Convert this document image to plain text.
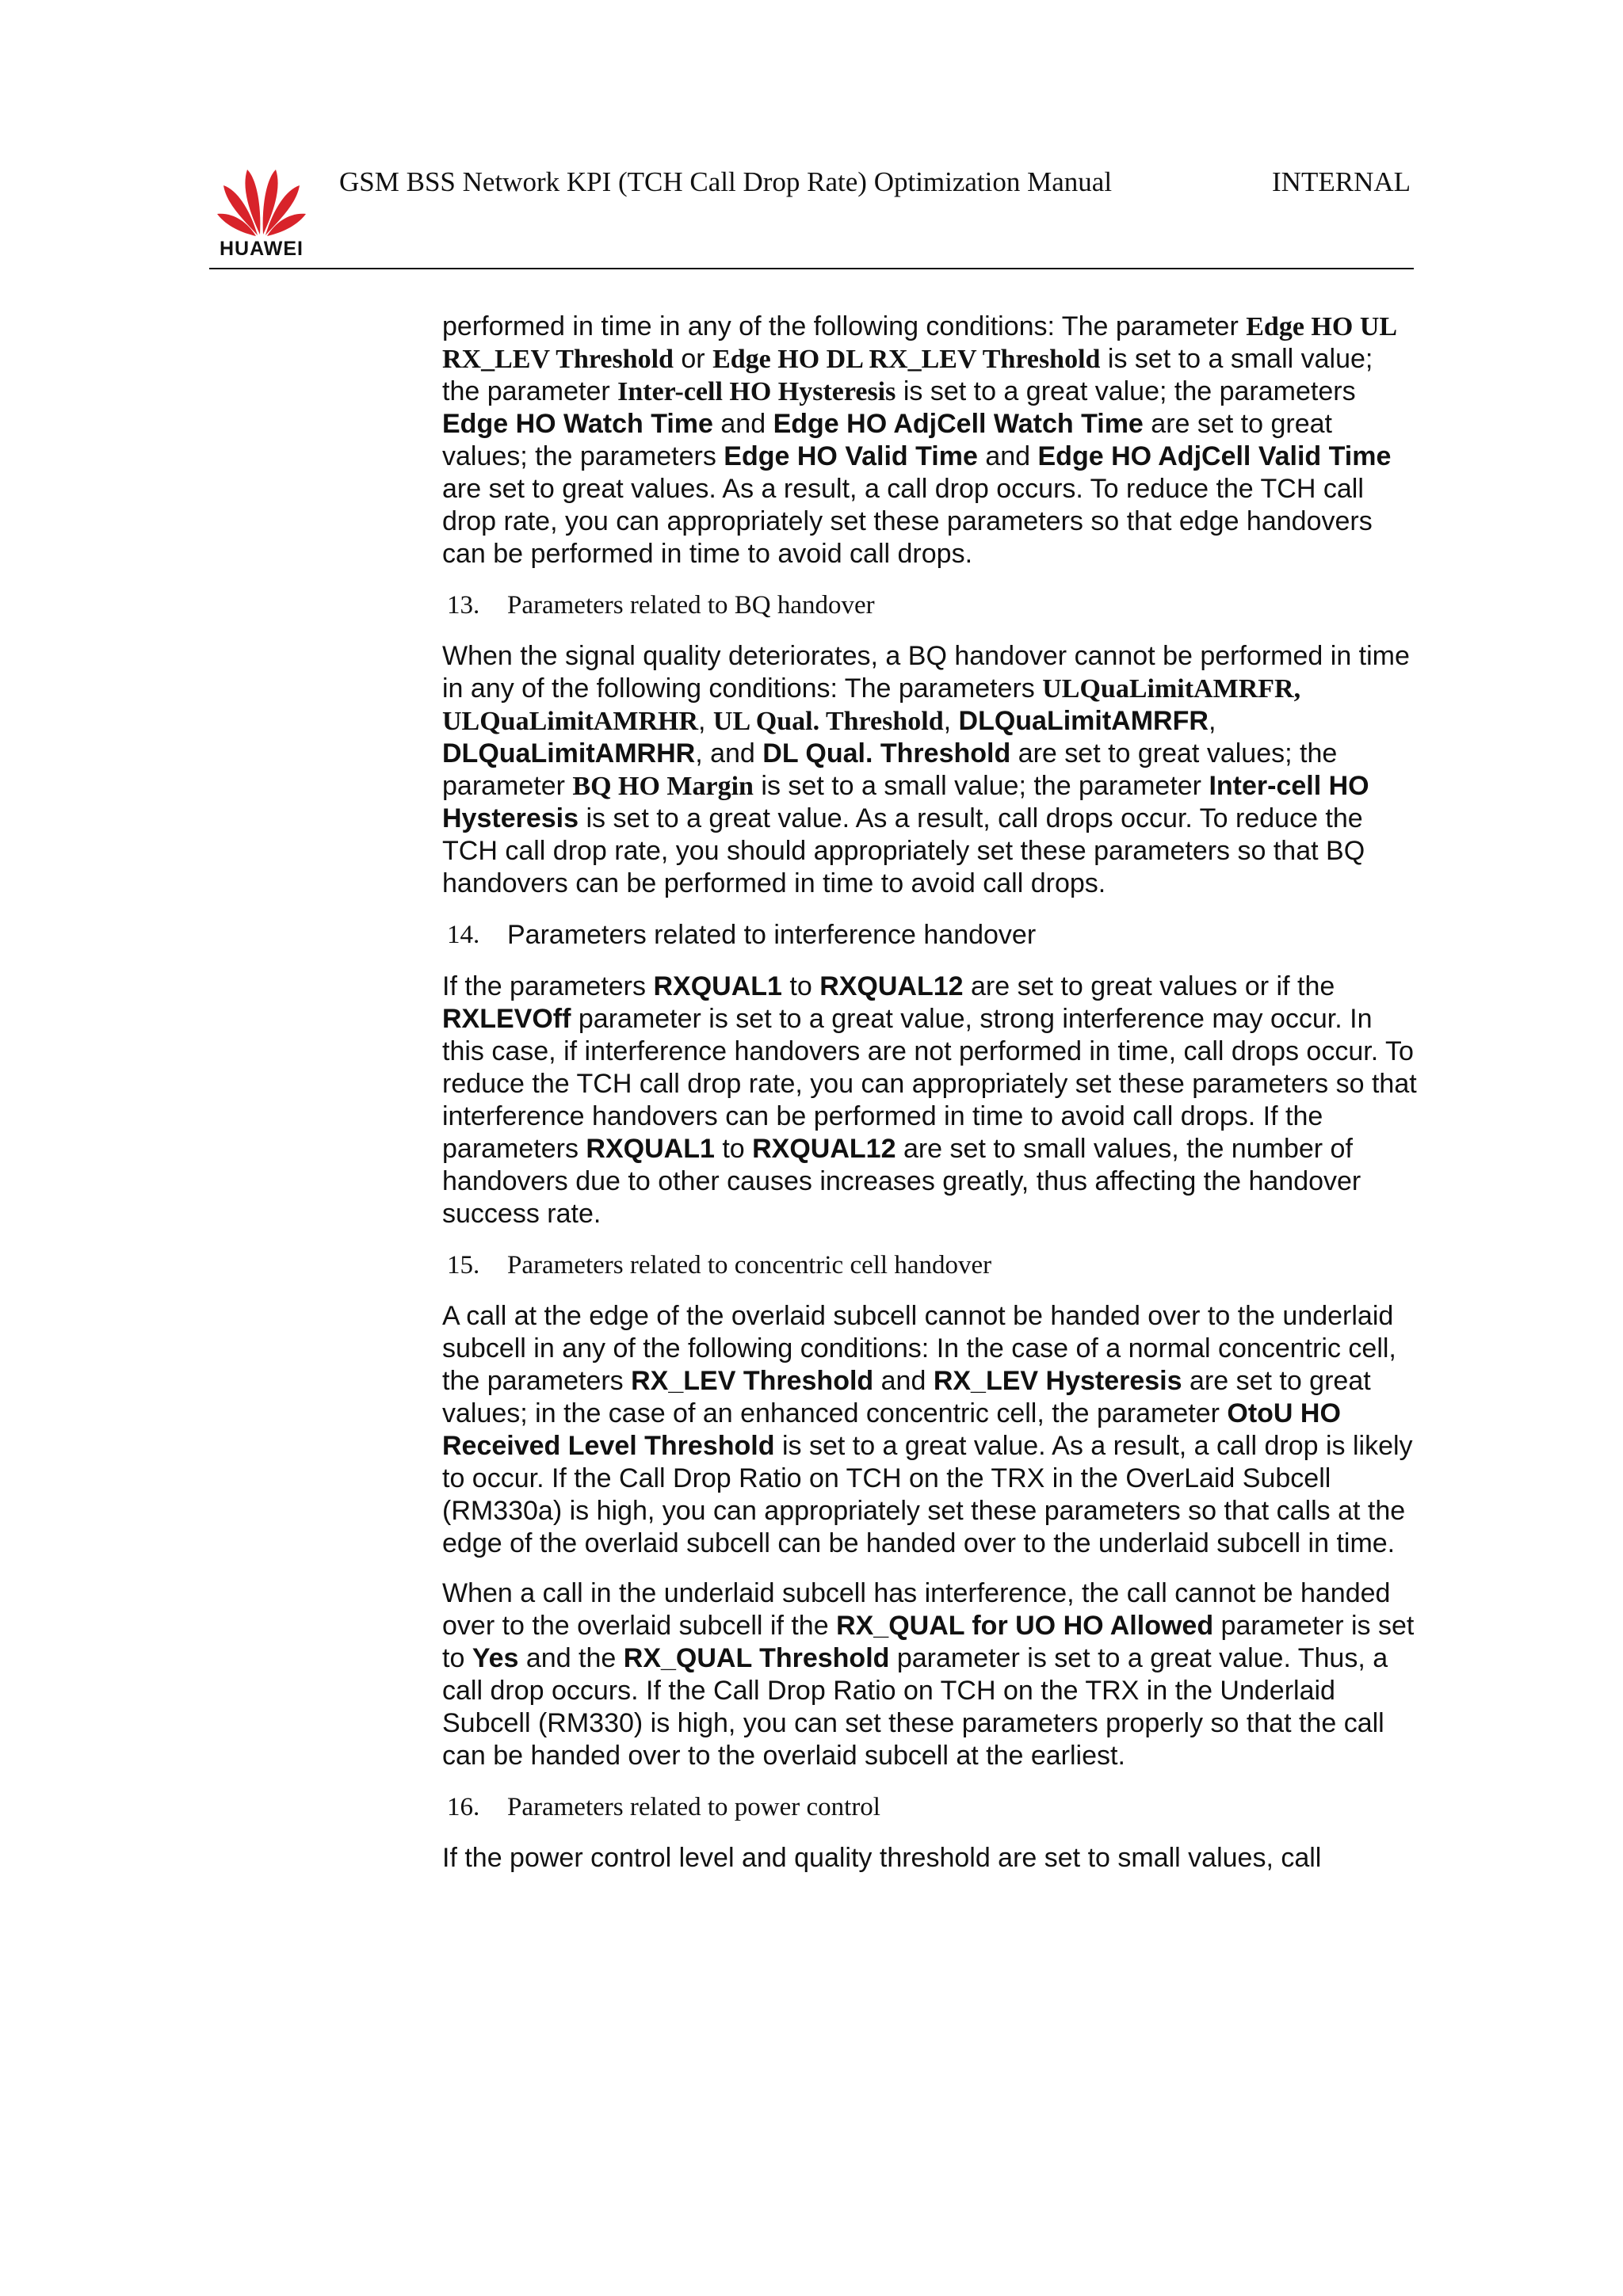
HUAWEI
GSM BSS Network KPI (TCH Call Drop Rate) Optimization Manual	INTERNAL

performed in time in any of the following conditions: The parameter Edge HO UL RX_LEV Threshold or Edge HO DL RX_LEV Threshold is set to a small value; the parameter Inter-cell HO Hysteresis is set to a great value; the parameters Edge HO Watch Time and Edge HO AdjCell Watch Time are set to great values; the parameters Edge HO Valid Time and Edge HO AdjCell Valid Time are set to great values. As a result, a call drop occurs. To reduce the TCH call drop rate, you can appropriately set these parameters so that edge handovers can be performed in time to avoid call drops.

13. Parameters related to BQ handover

When the signal quality deteriorates, a BQ handover cannot be performed in time in any of the following conditions: The parameters ULQuaLimitAMRFR, ULQuaLimitAMRHR, UL Qual. Threshold, DLQuaLimitAMRFR, DLQuaLimitAMRHR, and DL Qual. Threshold are set to great values; the parameter BQ HO Margin is set to a small value; the parameter Inter-cell HO Hysteresis is set to a great value. As a result, call drops occur. To reduce the TCH call drop rate, you should appropriately set these parameters so that BQ handovers can be performed in time to avoid call drops.

14. Parameters related to interference handover

If the parameters RXQUAL1 to RXQUAL12 are set to great values or if the RXLEVOff parameter is set to a great value, strong interference may occur. In this case, if interference handovers are not performed in time, call drops occur. To reduce the TCH call drop rate, you can appropriately set these parameters so that interference handovers can be performed in time to avoid call drops. If the parameters RXQUAL1 to RXQUAL12 are set to small values, the number of handovers due to other causes increases greatly, thus affecting the handover success rate.

15. Parameters related to concentric cell handover

A call at the edge of the overlaid subcell cannot be handed over to the underlaid subcell in any of the following conditions: In the case of a normal concentric cell, the parameters RX_LEV Threshold and RX_LEV Hysteresis are set to great values; in the case of an enhanced concentric cell, the parameter OtoU HO Received Level Threshold is set to a great value. As a result, a call drop is likely to occur. If the Call Drop Ratio on TCH on the TRX in the OverLaid Subcell (RM330a) is high, you can appropriately set these parameters so that calls at the edge of the overlaid subcell can be handed over to the underlaid subcell in time.

When a call in the underlaid subcell has interference, the call cannot be handed over to the overlaid subcell if the RX_QUAL for UO HO Allowed parameter is set to Yes and the RX_QUAL Threshold parameter is set to a great value. Thus, a call drop occurs. If the Call Drop Ratio on TCH on the TRX in the Underlaid Subcell (RM330) is high, you can set these parameters properly so that the call can be handed over to the overlaid subcell at the earliest.

16. Parameters related to power control

If the power control level and quality threshold are set to small values, call
